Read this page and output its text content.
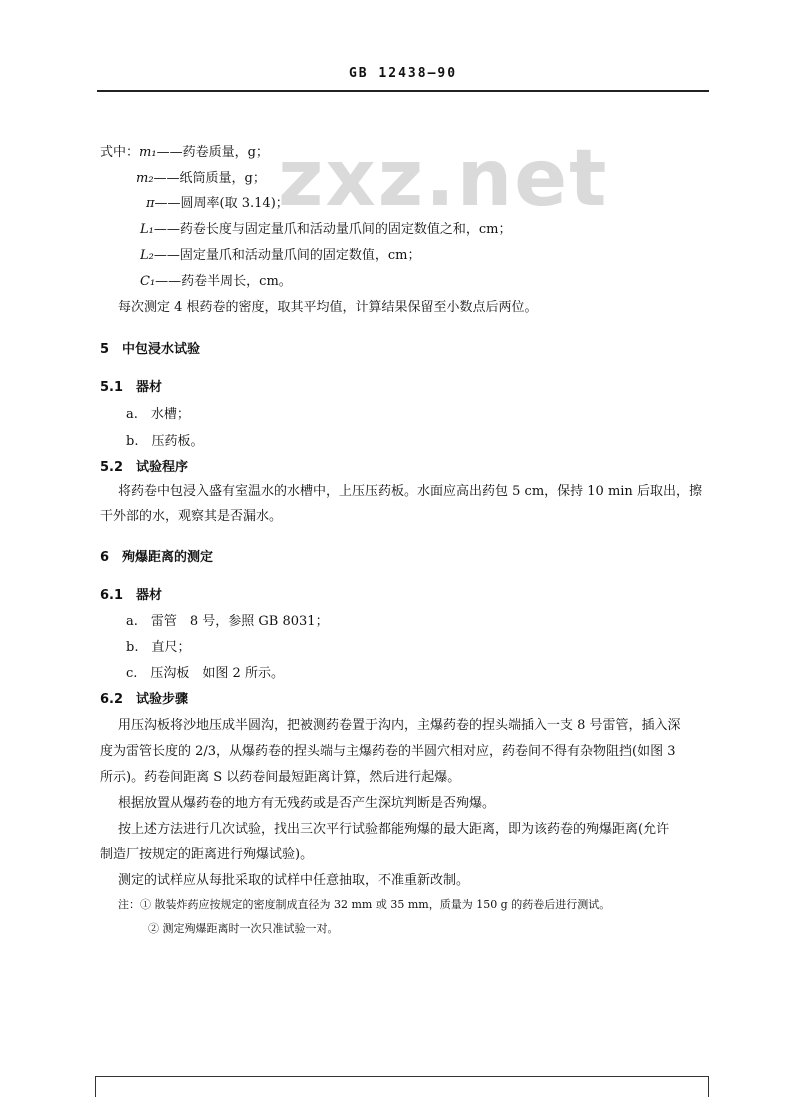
GB 12438—90
zxz.net
式中：m₁——药卷质量，g；
m₂——纸筒质量，g；
π——圆周率(取 3.14)；
L₁——药卷长度与固定量爪和活动量爪间的固定数值之和，cm；
L₂——固定量爪和活动量爪间的固定数值，cm；
C₁——药卷半周长，cm。
每次测定 4 根药卷的密度，取其平均值，计算结果保留至小数点后两位。
5　中包浸水试验
5.1　器材
a.　水槽；
b.　压药板。
5.2　试验程序
将药卷中包浸入盛有室温水的水槽中，上压压药板。水面应高出药包 5 cm，保持 10 min 后取出，擦
干外部的水，观察其是否漏水。
6　殉爆距离的测定
6.1　器材
a.　雷管　8 号，参照 GB 8031；
b.　直尺；
c.　压沟板　如图 2 所示。
6.2　试验步骤
用压沟板将沙地压成半圆沟，把被测药卷置于沟内，主爆药卷的捏头端插入一支 8 号雷管，插入深
度为雷管长度的 2/3，从爆药卷的捏头端与主爆药卷的半圆穴相对应，药卷间不得有杂物阻挡(如图 3
所示)。药卷间距离 S 以药卷间最短距离计算，然后进行起爆。
根据放置从爆药卷的地方有无残药或是否产生深坑判断是否殉爆。
按上述方法进行几次试验，找出三次平行试验都能殉爆的最大距离，即为该药卷的殉爆距离(允许
制造厂按规定的距离进行殉爆试验)。
测定的试样应从每批采取的试样中任意抽取，不准重新改制。
注：① 散装炸药应按规定的密度制成直径为 32 mm 或 35 mm，质量为 150 g 的药卷后进行测试。
② 测定殉爆距离时一次只准试验一对。
